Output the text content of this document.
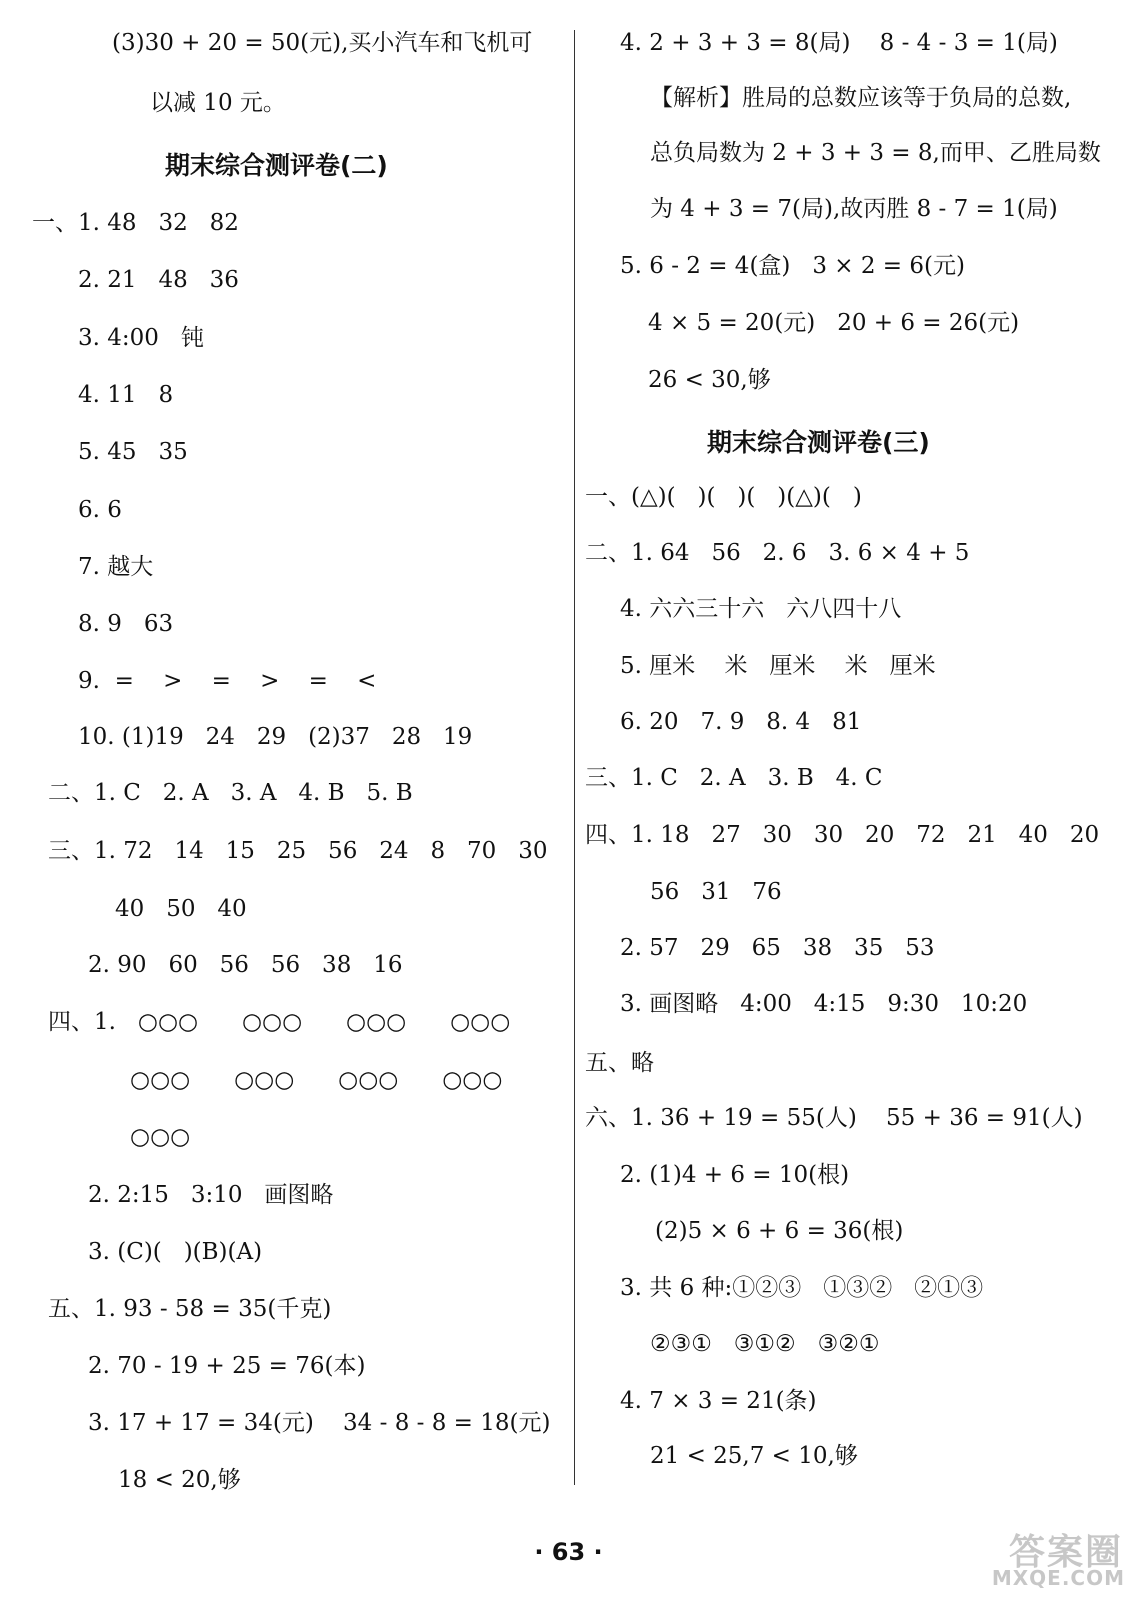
(3)30 + 20 = 50(元),买小汽车和飞机可
以减 10 元。
期末综合测评卷(二)
一、1. 48   32   82
2. 21   48   36
3. 4:00   钝
4. 11   8
5. 45   35
6. 6
7. 越大
8. 9   63
9.  =    >    =    >    =    <
10. (1)19   24   29   (2)37   28   19
二、1. C   2. A   3. A   4. B   5. B
三、1. 72   14   15   25   56   24   8   70   30
40   50   40
2. 90   60   56   56   38   16
四、1.   ○○○      ○○○      ○○○      ○○○
○○○      ○○○      ○○○      ○○○
○○○
2. 2:15   3:10   画图略
3. (C)(   )(B)(A)
五、1. 93 - 58 = 35(千克)
2. 70 - 19 + 25 = 76(本)
3. 17 + 17 = 34(元)    34 - 8 - 8 = 18(元)
18 < 20,够
4. 2 + 3 + 3 = 8(局)    8 - 4 - 3 = 1(局)
【解析】胜局的总数应该等于负局的总数,
总负局数为 2 + 3 + 3 = 8,而甲、乙胜局数
为 4 + 3 = 7(局),故丙胜 8 - 7 = 1(局)
5. 6 - 2 = 4(盒)   3 × 2 = 6(元)
4 × 5 = 20(元)   20 + 6 = 26(元)
26 < 30,够
期末综合测评卷(三)
一、(△)(   )(   )(   )(△)(   )
二、1. 64   56   2. 6   3. 6 × 4 + 5
4. 六六三十六   六八四十八
5. 厘米    米   厘米    米   厘米
6. 20   7. 9   8. 4   81
三、1. C   2. A   3. B   4. C
四、1. 18   27   30   30   20   72   21   40   20
56   31   76
2. 57   29   65   38   35   53
3. 画图略   4:00   4:15   9:30   10:20
五、略
六、1. 36 + 19 = 55(人)    55 + 36 = 91(人)
2. (1)4 + 6 = 10(根)
(2)5 × 6 + 6 = 36(根)
3. 共 6 种:①②③   ①③②   ②①③
②③①   ③①②   ③②①
4. 7 × 3 = 21(条)
21 < 25,7 < 10,够
· 63 ·	答案圈
MXQE.COM
